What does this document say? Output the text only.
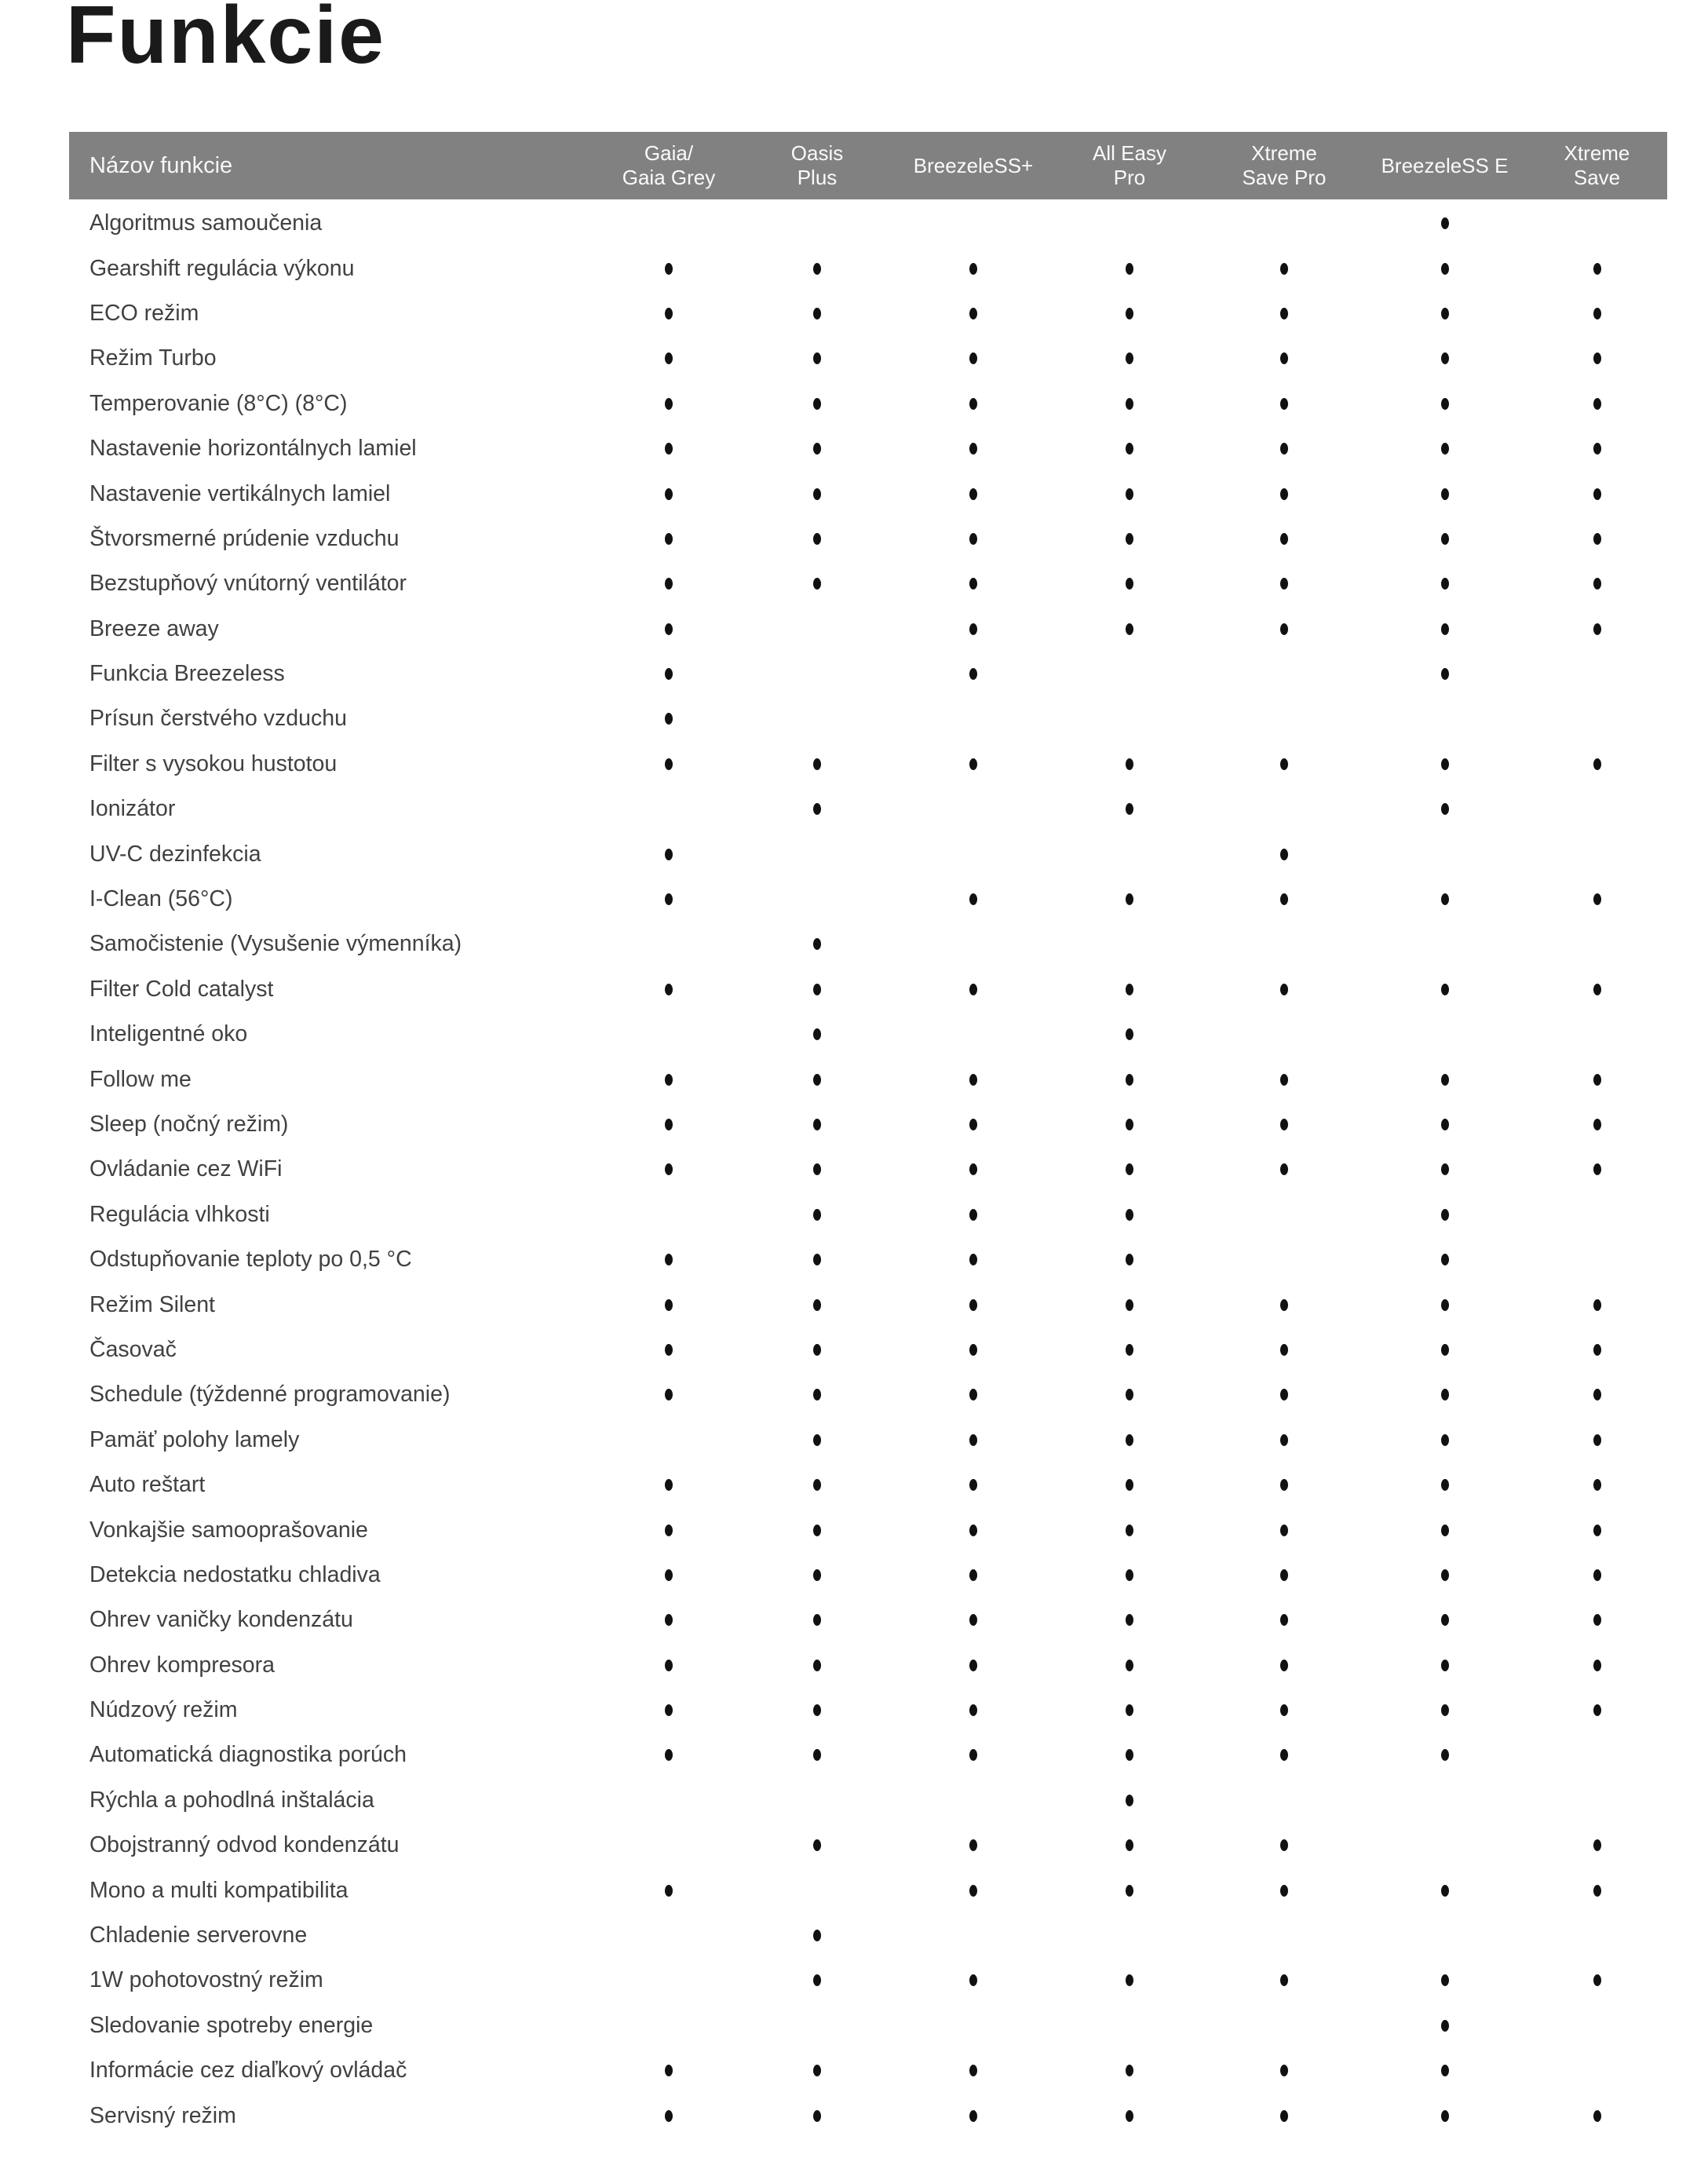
Funkcie
Názov funkcie	Gaia/
Gaia Grey
Oasis
Plus
BreezeleSS+
All Easy
Pro
Xtreme
Save Pro
BreezeleSS E
Xtreme
Save
Algoritmus samoučenia
Gearshift regulácia výkonu
ECO režim
Režim Turbo
Temperovanie (8°C) (8°C)
Nastavenie horizontálnych lamiel
Nastavenie vertikálnych lamiel
Štvorsmerné prúdenie vzduchu
Bezstupňový vnútorný ventilátor
Breeze away
Funkcia Breezeless
Prísun čerstvého vzduchu
Filter s vysokou hustotou
Ionizátor
UV-C dezinfekcia
I-Clean (56°C)
Samočistenie (Vysušenie výmenníka)
Filter Cold catalyst
Inteligentné oko
Follow me
Sleep (nočný režim)
Ovládanie cez WiFi
Regulácia vlhkosti
Odstupňovanie teploty po 0,5 °C
Režim Silent
Časovač
Schedule (týždenné programovanie)
Pamäť polohy lamely
Auto reštart
Vonkajšie samooprašovanie
Detekcia nedostatku chladiva
Ohrev vaničky kondenzátu
Ohrev kompresora
Núdzový režim
Automatická diagnostika porúch
Rýchla a pohodlná inštalácia
Obojstranný odvod kondenzátu
Mono a multi kompatibilita
Chladenie serverovne
1W pohotovostný režim
Sledovanie spotreby energie
Informácie cez diaľkový ovládač
Servisný režim
